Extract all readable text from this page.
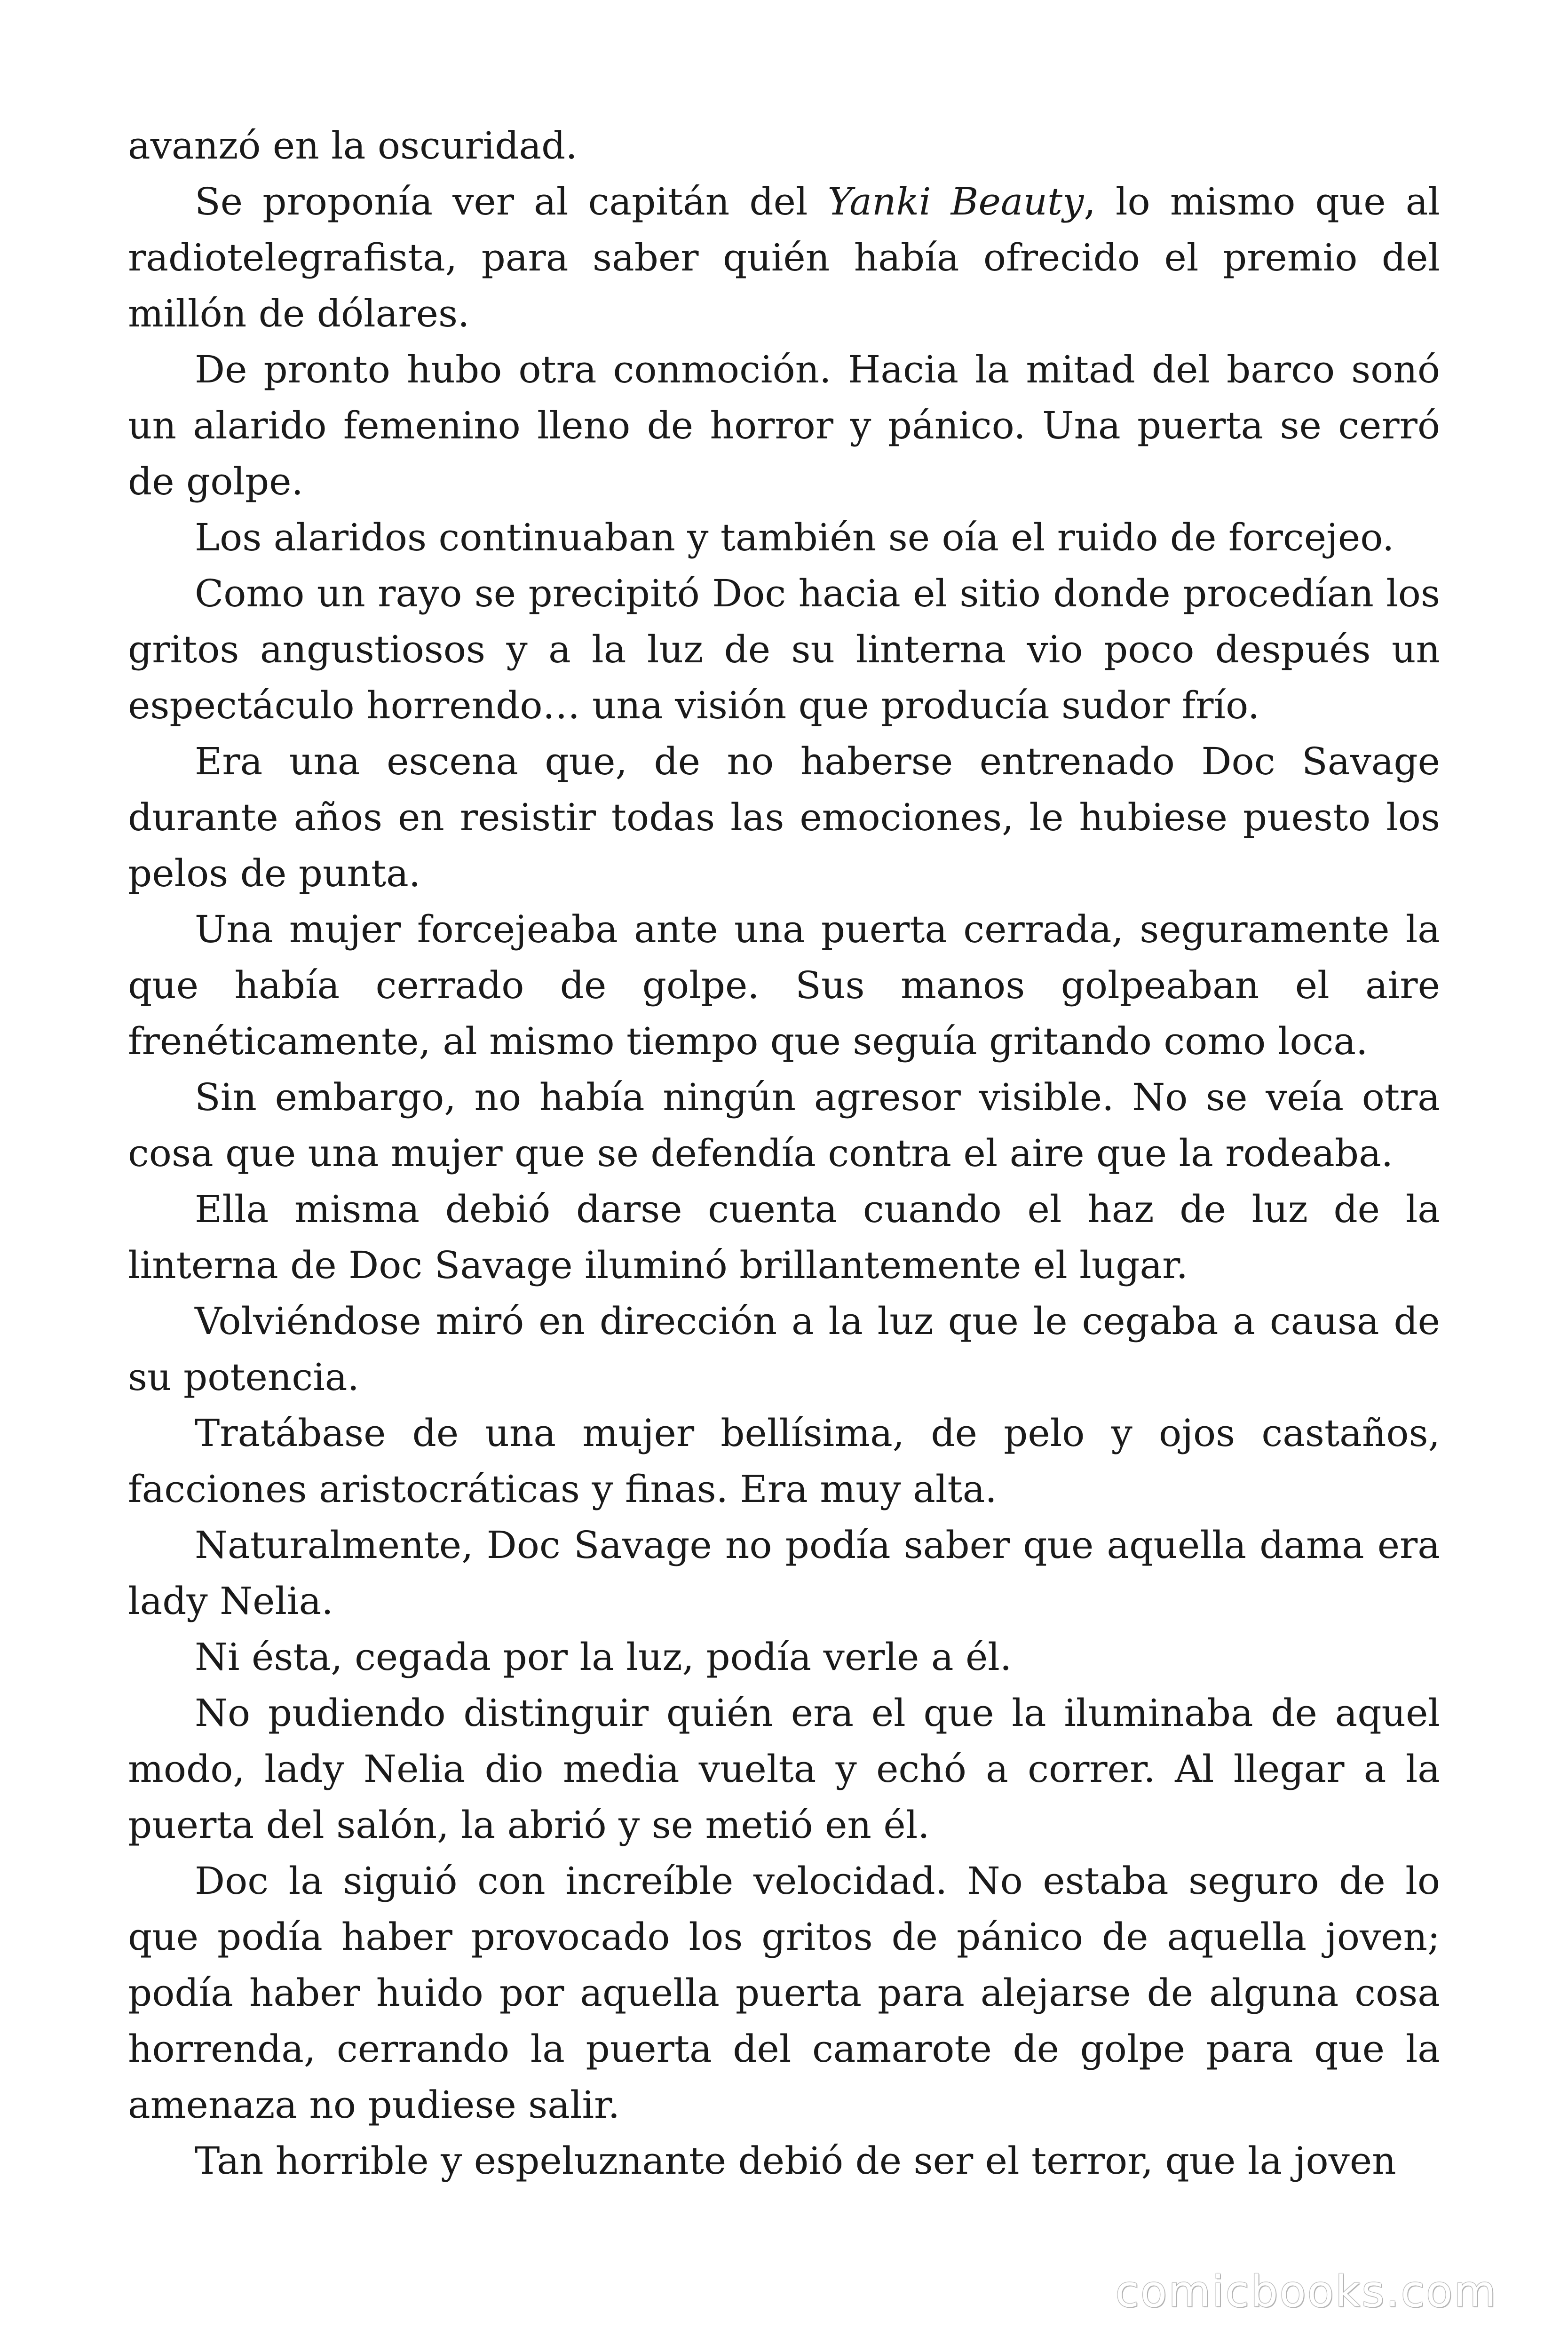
avanzó en la oscuridad.

Se proponía ver al capitán del Yanki Beauty, lo mismo que al radiotelegrafista, para saber quién había ofrecido el premio del millón de dólares.

De pronto hubo otra conmoción. Hacia la mitad del barco sonó un alarido femenino lleno de horror y pánico. Una puerta se cerró de golpe.

Los alaridos continuaban y también se oía el ruido de forcejeo.

Como un rayo se precipitó Doc hacia el sitio donde procedían los gritos angustiosos y a la luz de su linterna vio poco después un espectáculo horrendo… una visión que producía sudor frío.

Era una escena que, de no haberse entrenado Doc Savage durante años en resistir todas las emociones, le hubiese puesto los pelos de punta.

Una mujer forcejeaba ante una puerta cerrada, seguramente la que había cerrado de golpe. Sus manos golpeaban el aire frenéticamente, al mismo tiempo que seguía gritando como loca.

Sin embargo, no había ningún agresor visible. No se veía otra cosa que una mujer que se defendía contra el aire que la rodeaba.

Ella misma debió darse cuenta cuando el haz de luz de la linterna de Doc Savage iluminó brillantemente el lugar.

Volviéndose miró en dirección a la luz que le cegaba a causa de su potencia.

Tratábase de una mujer bellísima, de pelo y ojos castaños, facciones aristocráticas y finas. Era muy alta.

Naturalmente, Doc Savage no podía saber que aquella dama era lady Nelia.

Ni ésta, cegada por la luz, podía verle a él.

No pudiendo distinguir quién era el que la iluminaba de aquel modo, lady Nelia dio media vuelta y echó a correr. Al llegar a la puerta del salón, la abrió y se metió en él.

Doc la siguió con increíble velocidad. No estaba seguro de lo que podía haber provocado los gritos de pánico de aquella joven; podía haber huido por aquella puerta para alejarse de alguna cosa horrenda, cerrando la puerta del camarote de golpe para que la amenaza no pudiese salir.

Tan horrible y espeluznante debió de ser el terror, que la joven

comicbooks.com
